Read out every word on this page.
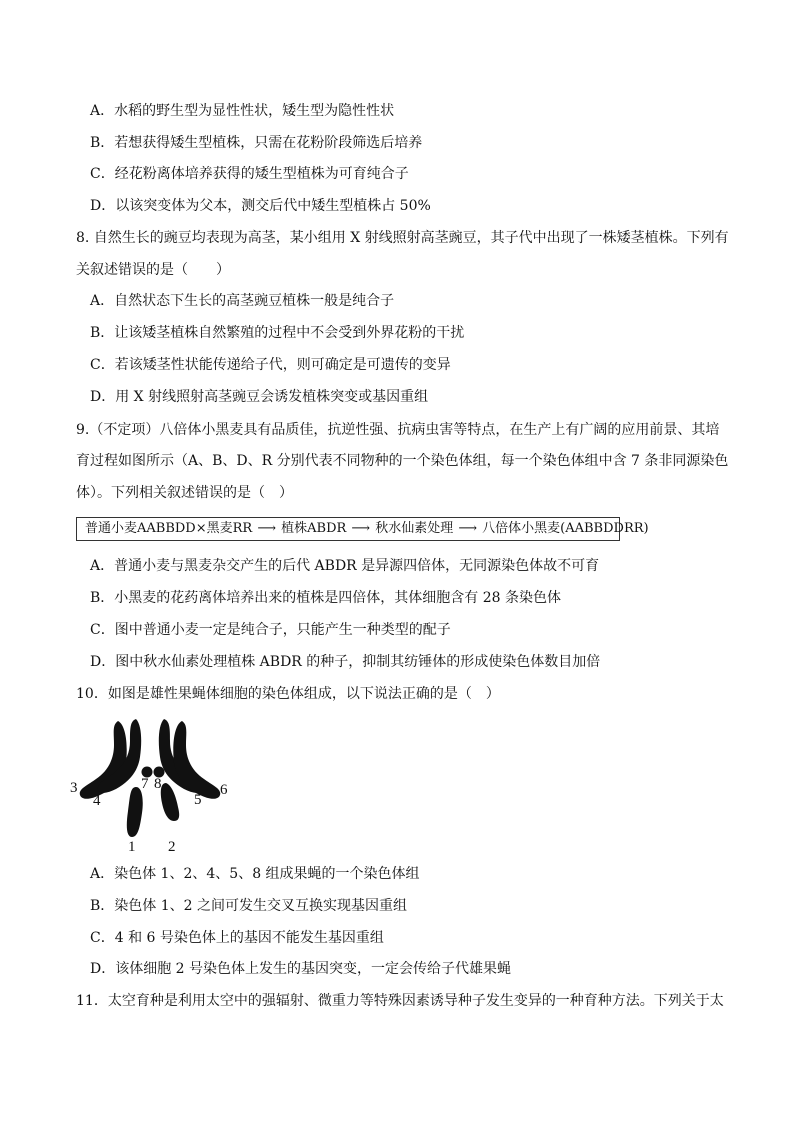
A．水稻的野生型为显性性状，矮生型为隐性性状
B．若想获得矮生型植株，只需在花粉阶段筛选后培养
C．经花粉离体培养获得的矮生型植株为可育纯合子
D．以该突变体为父本，测交后代中矮生型植株占 50%
8. 自然生长的豌豆均表现为高茎，某小组用 X 射线照射高茎豌豆，其子代中出现了一株矮茎植株。下列有
关叙述错误的是（　　）
A．自然状态下生长的高茎豌豆植株一般是纯合子
B．让该矮茎植株自然繁殖的过程中不会受到外界花粉的干扰
C．若该矮茎性状能传递给子代，则可确定是可遗传的变异
D．用 X 射线照射高茎豌豆会诱发植株突变或基因重组
9.（不定项）八倍体小黑麦具有品质佳，抗逆性强、抗病虫害等特点，在生产上有广阔的应用前景、其培
育过程如图所示（A、B、D、R 分别代表不同物种的一个染色体组，每一个染色体组中含 7 条非同源染色
体）。下列相关叙述错误的是（　）
普通小麦AABBDD×黑麦RR ⟶ 植株ABDR ⟶ 秋水仙素处理 ⟶ 八倍体小黑麦(AABBDDRR)
A．普通小麦与黑麦杂交产生的后代 ABDR 是异源四倍体，无同源染色体故不可育
B．小黑麦的花药离体培养出来的植株是四倍体，其体细胞含有 28 条染色体
C．图中普通小麦一定是纯合子，只能产生一种类型的配子
D．图中秋水仙素处理植株 ABDR 的种子，抑制其纺锤体的形成使染色体数目加倍
10．如图是雄性果蝇体细胞的染色体组成，以下说法正确的是（　）
3
4
7 8
5
6
1 2
A．染色体 1、2、4、5、8 组成果蝇的一个染色体组
B．染色体 1、2 之间可发生交叉互换实现基因重组
C．4 和 6 号染色体上的基因不能发生基因重组
D．该体细胞 2 号染色体上发生的基因突变，一定会传给子代雄果蝇
11．太空育种是利用太空中的强辐射、微重力等特殊因素诱导种子发生变异的一种育种方法。下列关于太
